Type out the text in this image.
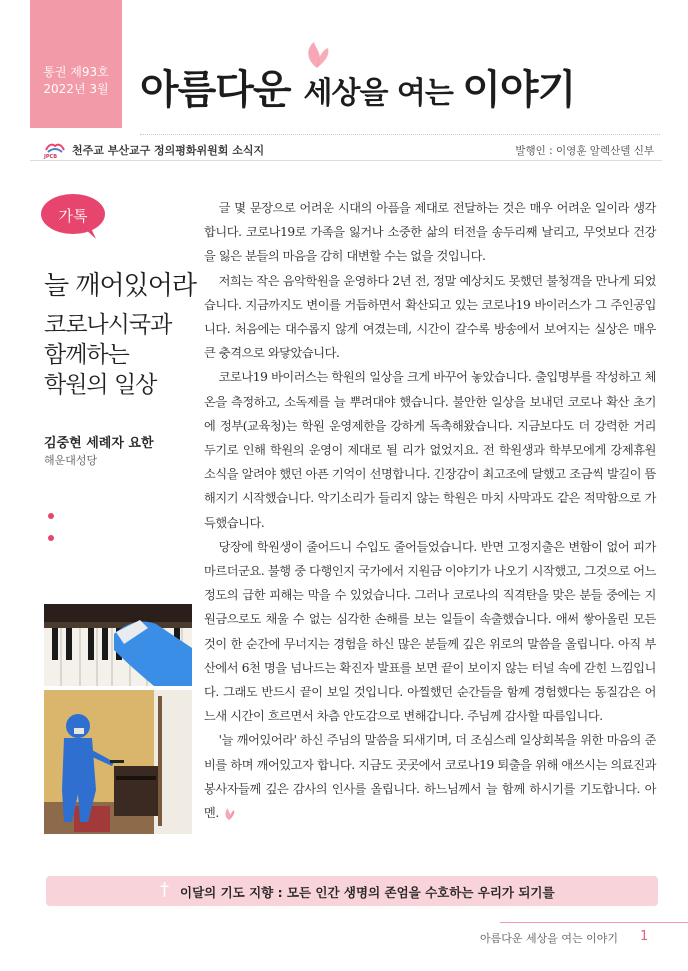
통권 제93호
2022년 3월 아름다운 세상을 여는 이야기
JPCB 천주교 부산교구 정의평화위원회 소식지	발행인 : 이영훈 알렉산델 신부
가톡
늘 깨어있어라
코로나시국과
함께하는
학원의 일상
김중현 세례자 요한
해운대성당

글 몇 문장으로 어려운 시대의 아픔을 제대로 전달하는 것은 매우 어려운 일이라 생각합니다. 코로나19로 가족을 잃거나 소중한 삶의 터전을 송두리째 날리고, 무엇보다 건강을 잃은 분들의 마음을 감히 대변할 수는 없을 것입니다.

저희는 작은 음악학원을 운영하다 2년 전, 정말 예상치도 못했던 불청객을 만나게 되었습니다. 지금까지도 변이를 거듭하면서 확산되고 있는 코로나19 바이러스가 그 주인공입니다. 처음에는 대수롭지 않게 여겼는데, 시간이 갈수록 방송에서 보여지는 실상은 매우 큰 충격으로 와닿았습니다.

코로나19 바이러스는 학원의 일상을 크게 바꾸어 놓았습니다. 출입명부를 작성하고 체온을 측정하고, 소독제를 늘 뿌려대야 했습니다. 불안한 일상을 보내던 코로나 확산 초기에 정부(교육청)는 학원 운영제한을 강하게 독촉해왔습니다. 지금보다도 더 강력한 거리두기로 인해 학원의 운영이 제대로 될 리가 없었지요. 전 학원생과 학부모에게 강제휴원 소식을 알려야 했던 아픈 기억이 선명합니다. 긴장감이 최고조에 달했고 조금씩 발길이 뜸해지기 시작했습니다. 악기소리가 들리지 않는 학원은 마치 사막과도 같은 적막함으로 가득했습니다.

당장에 학원생이 줄어드니 수입도 줄어들었습니다. 반면 고정지출은 변함이 없어 피가 마르더군요. 불행 중 다행인지 국가에서 지원금 이야기가 나오기 시작했고, 그것으로 어느 정도의 급한 피해는 막을 수 있었습니다. 그러나 코로나의 직격탄을 맞은 분들 중에는 지원금으로도 채울 수 없는 심각한 손해를 보는 일들이 속출했습니다. 애써 쌓아올린 모든 것이 한 순간에 무너지는 경험을 하신 많은 분들께 깊은 위로의 말씀을 올립니다. 아직 부산에서 6천 명을 넘나드는 확진자 발표를 보면 끝이 보이지 않는 터널 속에 갇힌 느낌입니다. 그래도 반드시 끝이 보일 것입니다. 아찔했던 순간들을 함께 경험했다는 동질감은 어느새 시간이 흐르면서 차츰 안도감으로 변해갑니다. 주님께 감사할 따름입니다.

'늘 깨어있어라' 하신 주님의 말씀을 되새기며, 더 조심스레 일상회복을 위한 마음의 준비를 하며 깨어있고자 합니다. 지금도 곳곳에서 코로나19 퇴출을 위해 애쓰시는 의료진과 봉사자들께 깊은 감사의 인사를 올립니다. 하느님께서 늘 함께 하시기를 기도합니다. 아멘.

† 이달의 기도 지향 : 모든 인간 생명의 존엄을 수호하는 우리가 되기를
아름다운 세상을 여는 이야기 1
